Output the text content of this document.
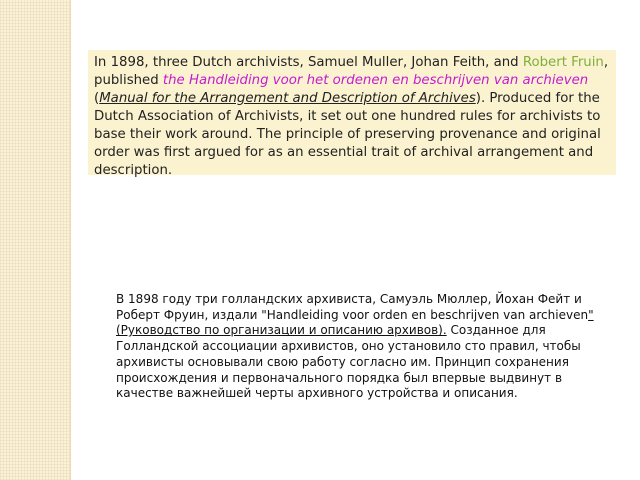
In 1898, three Dutch archivists, Samuel Muller, Johan Feith, and Robert Fruin, published the Handleiding voor het ordenen en beschrijven van archieven (Manual for the Arrangement and Description of Archives). Produced for the Dutch Association of Archivists, it set out one hundred rules for archivists to base their work around. The principle of preserving provenance and original order was first argued for as an essential trait of archival arrangement and description.
В 1898 году три голландских архивиста, Самуэль Мюллер, Йохан Фейт и Роберт Фруин, издали "Handleiding voor orden en beschrijven van archieven" (Руководство по организации и описанию архивов). Созданное для Голландской ассоциации архивистов, оно установило сто правил, чтобы архивисты основывали свою работу согласно им. Принцип сохранения происхождения и первоначального порядка был впервые выдвинут в качестве важнейшей черты архивного устройства и описания.
